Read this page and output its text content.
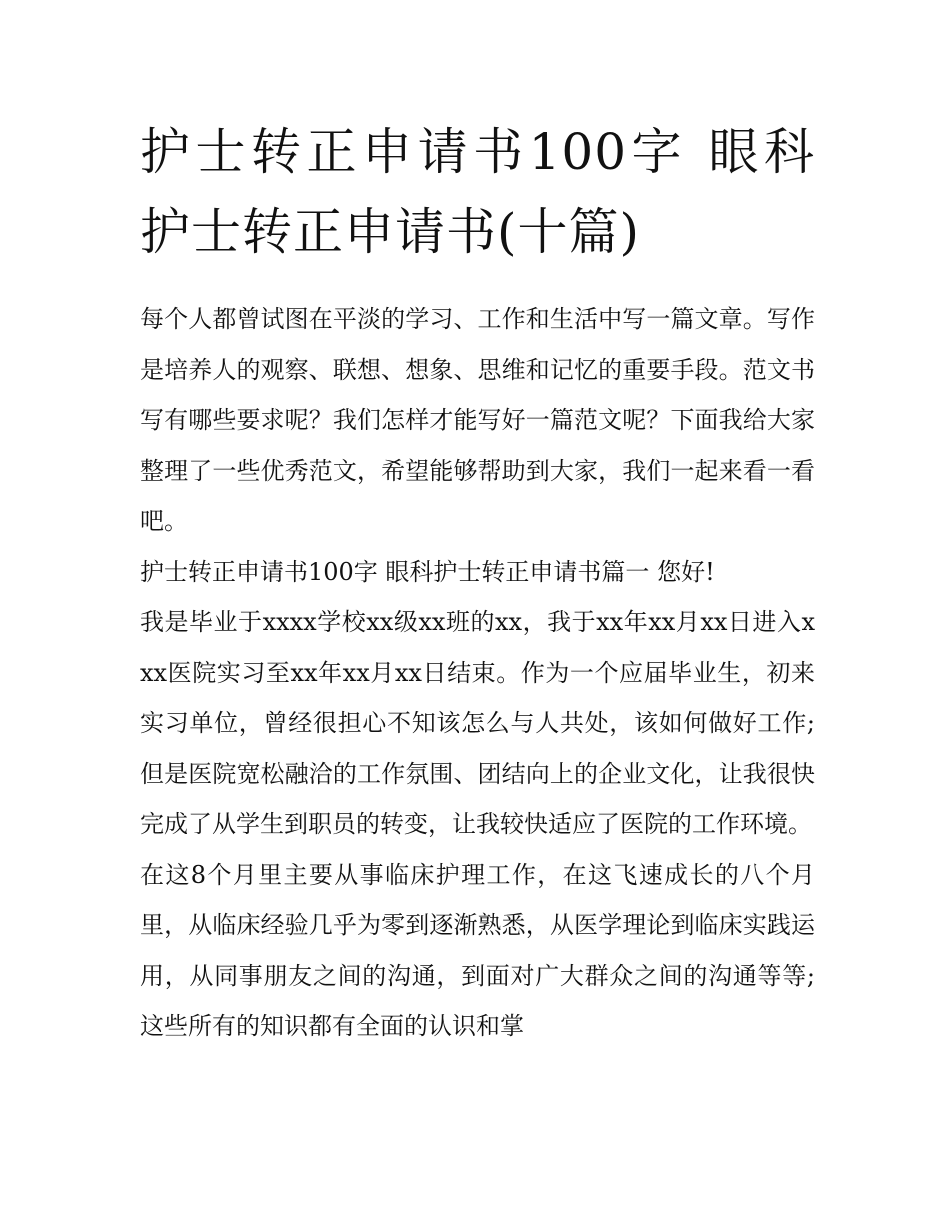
护士转正申请书100字 眼科护士转正申请书(十篇)

每个人都曾试图在平淡的学习、工作和生活中写一篇文章。写作是培养人的观察、联想、想象、思维和记忆的重要手段。范文书写有哪些要求呢？我们怎样才能写好一篇范文呢？下面我给大家整理了一些优秀范文，希望能够帮助到大家，我们一起来看一看吧。

护士转正申请书100字 眼科护士转正申请书篇一 您好!

我是毕业于xxxx学校xx级xx班的xx，我于xx年xx月xx日进入xxx医院实习至xx年xx月xx日结束。作为一个应届毕业生，初来实习单位，曾经很担心不知该怎么与人共处，该如何做好工作;但是医院宽松融洽的工作氛围、团结向上的企业文化，让我很快完成了从学生到职员的转变，让我较快适应了医院的工作环境。

在这8个月里主要从事临床护理工作，在这飞速成长的八个月里，从临床经验几乎为零到逐渐熟悉，从医学理论到临床实践运用，从同事朋友之间的沟通，到面对广大群众之间的沟通等等;这些所有的知识都有全面的认识和掌
